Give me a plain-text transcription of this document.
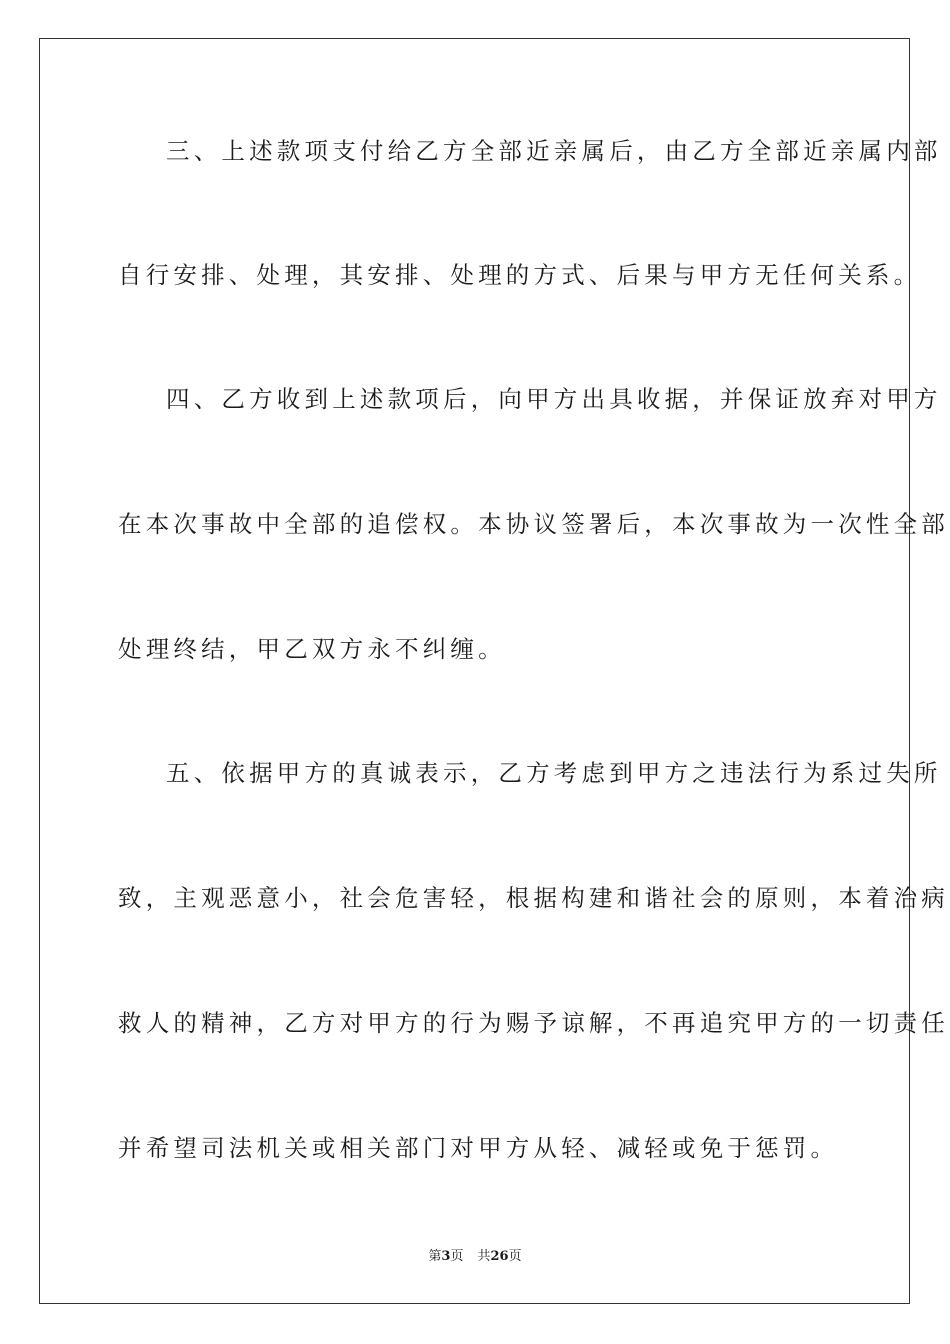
三、上述款项支付给乙方全部近亲属后，由乙方全部近亲属内部
自行安排、处理，其安排、处理的方式、后果与甲方无任何关系。
四、乙方收到上述款项后，向甲方出具收据，并保证放弃对甲方
在本次事故中全部的追偿权。本协议签署后，本次事故为一次性全部
处理终结，甲乙双方永不纠缠。
五、依据甲方的真诚表示，乙方考虑到甲方之违法行为系过失所
致，主观恶意小，社会危害轻，根据构建和谐社会的原则，本着治病
救人的精神，乙方对甲方的行为赐予谅解，不再追究甲方的一切责任
并希望司法机关或相关部门对甲方从轻、减轻或免于惩罚。
第3页 共26页
